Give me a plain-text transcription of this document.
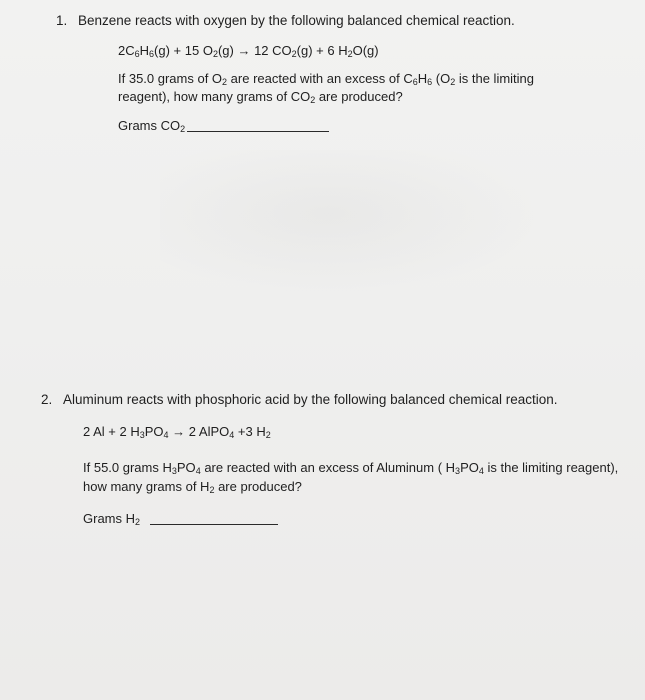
1. Benzene reacts with oxygen by the following balanced chemical reaction.
$2C_6H_6(g) + 15$ $O_2(g) \to 12$ $CO_2(g) + 6$ $H_2O(g)$
If 35.0 grams of $O_2$ are reacted with an excess of $C_6H_6$ ($O_2$ is the limiting reagent), how many grams of $CO_2$ are produced?
Grams $CO_2$
2. Aluminum reacts with phosphoric acid by the following balanced chemical reaction.
2 Al + 2 $H_3PO_4 \to 2$ AlPO$_4$ +3 $H_2$
If 55.0 grams $H_3PO_4$ are reacted with an excess of Aluminum ( $H_3PO_4$ is the limiting reagent), how many grams of $H_2$ are produced?
Grams $H_2$
